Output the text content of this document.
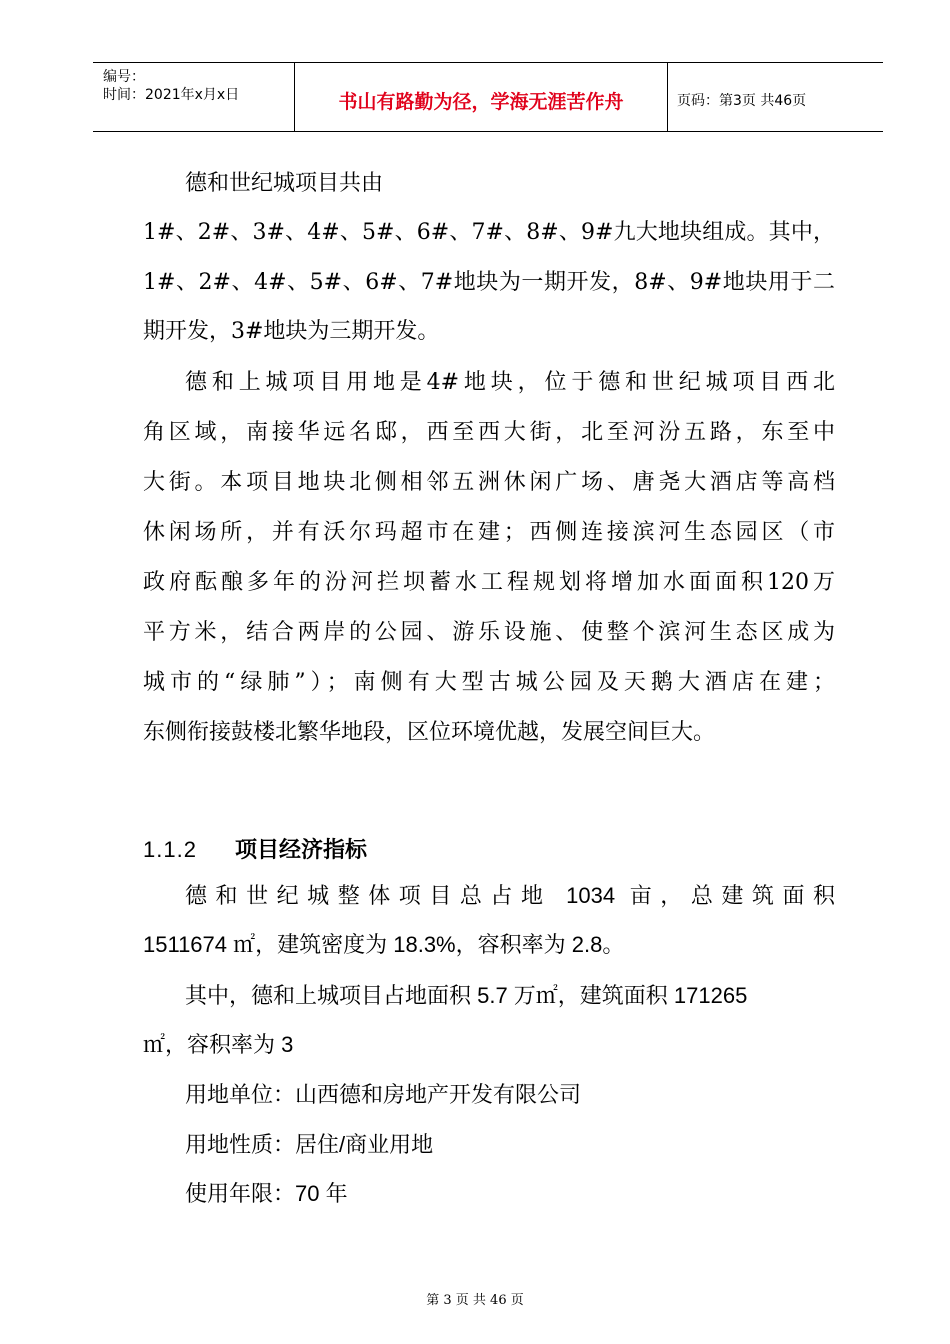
编号：
时间：2021年x月x日	书山有路勤为径，学海无涯苦作舟	页码：第3页 共46页
德和世纪城项目共由
1#、2#、3#、4#、5#、6#、7#、8#、9#九大地块组成。其中，
1#、2#、4#、5#、6#、7#地块为一期开发，8#、9#地块用于二
期开发，3#地块为三期开发。
德和上城项目用地是4#地块，位于德和世纪城项目西北
角区域，南接华远名邸，西至西大街，北至河汾五路，东至中
大街。本项目地块北侧相邻五洲休闲广场、唐尧大酒店等高档
休闲场所，并有沃尔玛超市在建；西侧连接滨河生态园区（市
政府酝酿多年的汾河拦坝蓄水工程规划将增加水面面积120万
平方米，结合两岸的公园、游乐设施、使整个滨河生态区成为
城市的“绿肺”）；南侧有大型古城公园及天鹅大酒店在建；
东侧衔接鼓楼北繁华地段，区位环境优越，发展空间巨大。
1.1.2 项目经济指标
德和世纪城整体项目总占地 1034 亩，总建筑面积
1511674 ㎡，建筑密度为 18.3%，容积率为 2.8。
其中，德和上城项目占地面积 5.7 万㎡，建筑面积 171265
㎡，容积率为 3
用地单位：山西德和房地产开发有限公司
用地性质：居住/商业用地
使用年限：70 年
第 3 页 共 46 页
